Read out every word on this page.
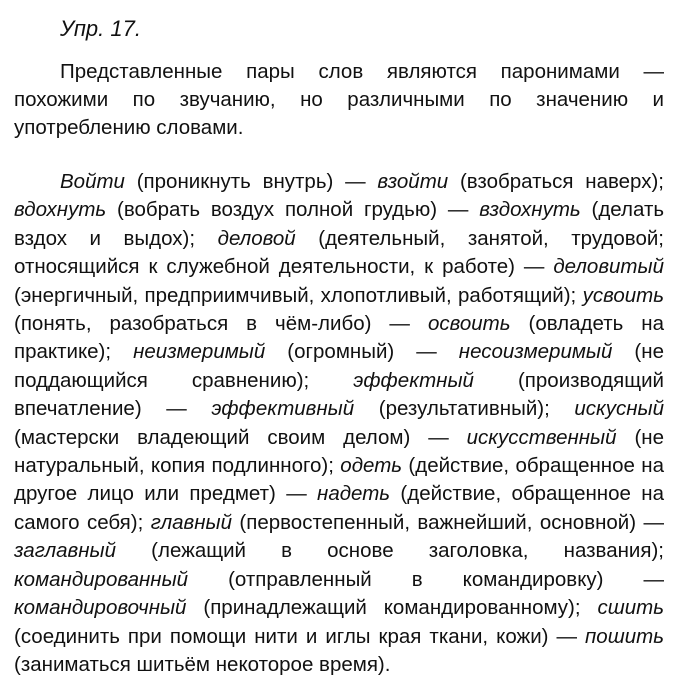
Упр. 17.

Представленные пары слов являются паронимами — похожими по звучанию, но различными по значению и употреблению словами.

Войти (проникнуть внутрь) — взойти (взобраться наверх); вдохнуть (вобрать воздух полной грудью) — вздохнуть (делать вздох и выдох); деловой (деятельный, занятой, трудовой; относящийся к служебной деятельности, к работе) — деловитый (энергичный, предприимчивый, хлопотливый, работящий); усвоить (понять, разобраться в чём-либо) — освоить (овладеть на практике); неизмеримый (огромный) — несоизмеримый (не поддающийся сравнению); эффектный (производящий впечатление) — эффективный (результативный); искусный (мастерски владеющий своим делом) — искусственный (не натуральный, копия подлинного); одеть (действие, обращенное на другое лицо или предмет) — надеть (действие, обращенное на самого себя); главный (первостепенный, важнейший, основной) — заглавный (лежащий в основе заголовка, названия); командированный (отправленный в командировку) — командировочный (принадлежащий командированному); сшить (соединить при помощи нити и иглы края ткани, кожи) — пошить (заниматься шитьём некоторое время).
